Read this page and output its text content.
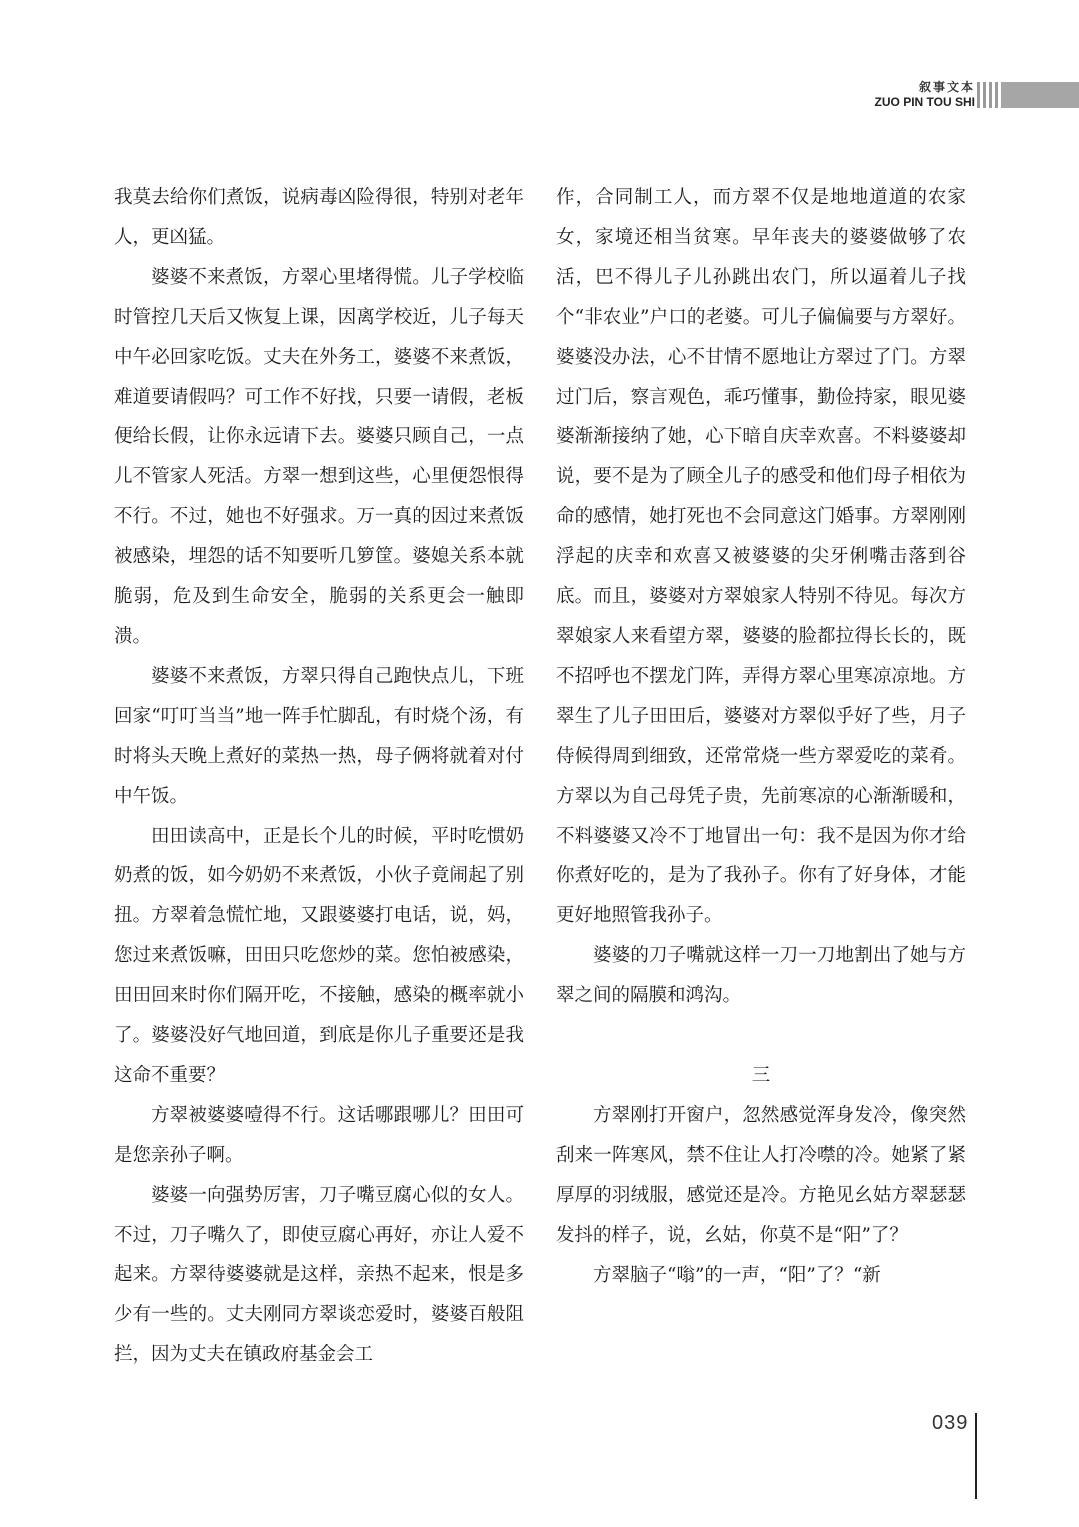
叙事文本
ZUO PIN TOU SHI

我莫去给你们煮饭，说病毒凶险得很，特别对老年人，更凶猛。

婆婆不来煮饭，方翠心里堵得慌。儿子学校临时管控几天后又恢复上课，因离学校近，儿子每天中午必回家吃饭。丈夫在外务工，婆婆不来煮饭，难道要请假吗？可工作不好找，只要一请假，老板便给长假，让你永远请下去。婆婆只顾自己，一点儿不管家人死活。方翠一想到这些，心里便怨恨得不行。不过，她也不好强求。万一真的因过来煮饭被感染，埋怨的话不知要听几箩筐。婆媳关系本就脆弱，危及到生命安全，脆弱的关系更会一触即溃。

婆婆不来煮饭，方翠只得自己跑快点儿，下班回家“叮叮当当”地一阵手忙脚乱，有时烧个汤，有时将头天晚上煮好的菜热一热，母子俩将就着对付中午饭。

田田读高中，正是长个儿的时候，平时吃惯奶奶煮的饭，如今奶奶不来煮饭，小伙子竟闹起了别扭。方翠着急慌忙地，又跟婆婆打电话，说，妈，您过来煮饭嘛，田田只吃您炒的菜。您怕被感染，田田回来时你们隔开吃，不接触，感染的概率就小了。婆婆没好气地回道，到底是你儿子重要还是我这命不重要？

方翠被婆婆噎得不行。这话哪跟哪儿？田田可是您亲孙子啊。

婆婆一向强势厉害，刀子嘴豆腐心似的女人。不过，刀子嘴久了，即使豆腐心再好，亦让人爱不起来。方翠待婆婆就是这样，亲热不起来，恨是多少有一些的。丈夫刚同方翠谈恋爱时，婆婆百般阻拦，因为丈夫在镇政府基金会工

作，合同制工人，而方翠不仅是地地道道的农家女，家境还相当贫寒。早年丧夫的婆婆做够了农活，巴不得儿子儿孙跳出农门，所以逼着儿子找个“非农业”户口的老婆。可儿子偏偏要与方翠好。婆婆没办法，心不甘情不愿地让方翠过了门。方翠过门后，察言观色，乖巧懂事，勤俭持家，眼见婆婆渐渐接纳了她，心下暗自庆幸欢喜。不料婆婆却说，要不是为了顾全儿子的感受和他们母子相依为命的感情，她打死也不会同意这门婚事。方翠刚刚浮起的庆幸和欢喜又被婆婆的尖牙俐嘴击落到谷底。而且，婆婆对方翠娘家人特别不待见。每次方翠娘家人来看望方翠，婆婆的脸都拉得长长的，既不招呼也不摆龙门阵，弄得方翠心里寒凉凉地。方翠生了儿子田田后，婆婆对方翠似乎好了些，月子侍候得周到细致，还常常烧一些方翠爱吃的菜肴。方翠以为自己母凭子贵，先前寒凉的心渐渐暖和，不料婆婆又冷不丁地冒出一句：我不是因为你才给你煮好吃的，是为了我孙子。你有了好身体，才能更好地照管我孙子。

婆婆的刀子嘴就这样一刀一刀地割出了她与方翠之间的隔膜和鸿沟。

三

方翠刚打开窗户，忽然感觉浑身发冷，像突然刮来一阵寒风，禁不住让人打冷噤的冷。她紧了紧厚厚的羽绒服，感觉还是冷。方艳见幺姑方翠瑟瑟发抖的样子，说，幺姑，你莫不是“阳”了？

方翠脑子“嗡”的一声，“阳”了？“新

039
